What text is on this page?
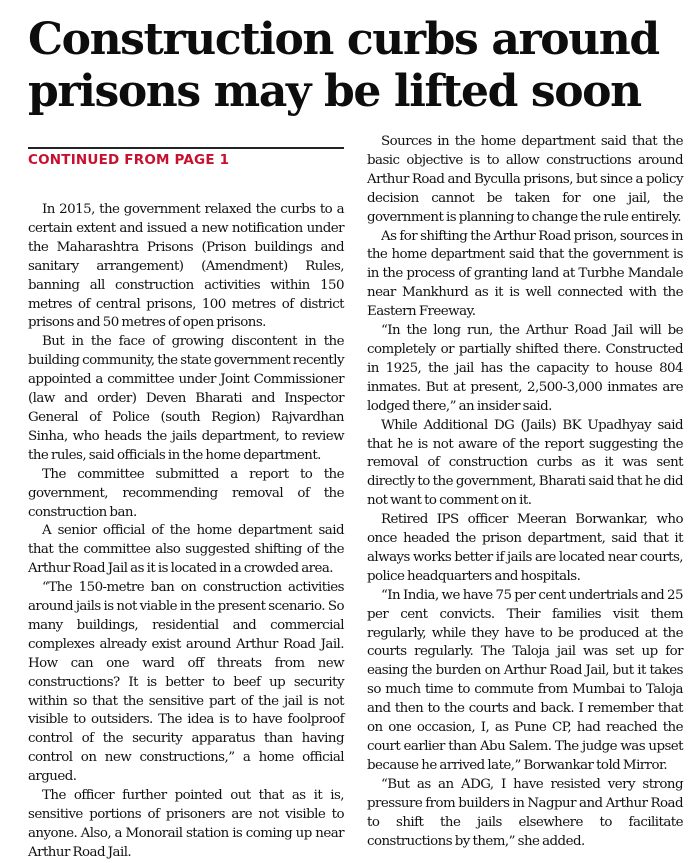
Construction curbs around
prisons may be lifted soon
CONTINUED FROM PAGE 1

In 2015, the government relaxed the curbs to a certain extent and issued a new notification under the Maharashtra Prisons (Prison buildings and sanitary arrangement) (Amendment) Rules, banning all construction activities within 150 metres of central prisons, 100 metres of district prisons and 50 metres of open prisons.

But in the face of growing discontent in the building community, the state government recently appointed a committee under Joint Commissioner (law and order) Deven Bharati and Inspector General of Police (south Region) Rajvardhan Sinha, who heads the jails department, to review the rules, said officials in the home department.

The committee submitted a report to the government, recommending removal of the construction ban.

A senior official of the home department said that the committee also suggested shifting of the Arthur Road Jail as it is located in a crowded area.

“The 150-metre ban on construction activities around jails is not viable in the present scenario. So many buildings, residential and commercial complexes already exist around Arthur Road Jail. How can one ward off threats from new constructions? It is better to beef up security within so that the sensitive part of the jail is not visible to outsiders. The idea is to have foolproof control of the security apparatus than having control on new constructions,” a home official argued.

The officer further pointed out that as it is, sensitive portions of prisoners are not visible to anyone. Also, a Monorail station is coming up near Arthur Road Jail.

Sources in the home department said that the basic objective is to allow constructions around Arthur Road and Byculla prisons, but since a policy decision cannot be taken for one jail, the government is planning to change the rule entirely.

As for shifting the Arthur Road prison, sources in the home department said that the government is in the process of granting land at Turbhe Mandale near Mankhurd as it is well connected with the Eastern Freeway.

“In the long run, the Arthur Road Jail will be completely or partially shifted there. Constructed in 1925, the jail has the capacity to house 804 inmates. But at present, 2,500-3,000 inmates are lodged there,” an insider said.

While Additional DG (Jails) BK Upadhyay said that he is not aware of the report suggesting the removal of construction curbs as it was sent directly to the government, Bharati said that he did not want to comment on it.

Retired IPS officer Meeran Borwankar, who once headed the prison department, said that it always works better if jails are located near courts, police headquarters and hospitals.

“In India, we have 75 per cent undertrials and 25 per cent convicts. Their families visit them regularly, while they have to be produced at the courts regularly. The Taloja jail was set up for easing the burden on Arthur Road Jail, but it takes so much time to commute from Mumbai to Taloja and then to the courts and back. I remember that on one occasion, I, as Pune CP, had reached the court earlier than Abu Salem. The judge was upset because he arrived late,” Borwankar told Mirror.

“But as an ADG, I have resisted very strong pressure from builders in Nagpur and Arthur Road to shift the jails elsewhere to facilitate constructions by them,” she added.
